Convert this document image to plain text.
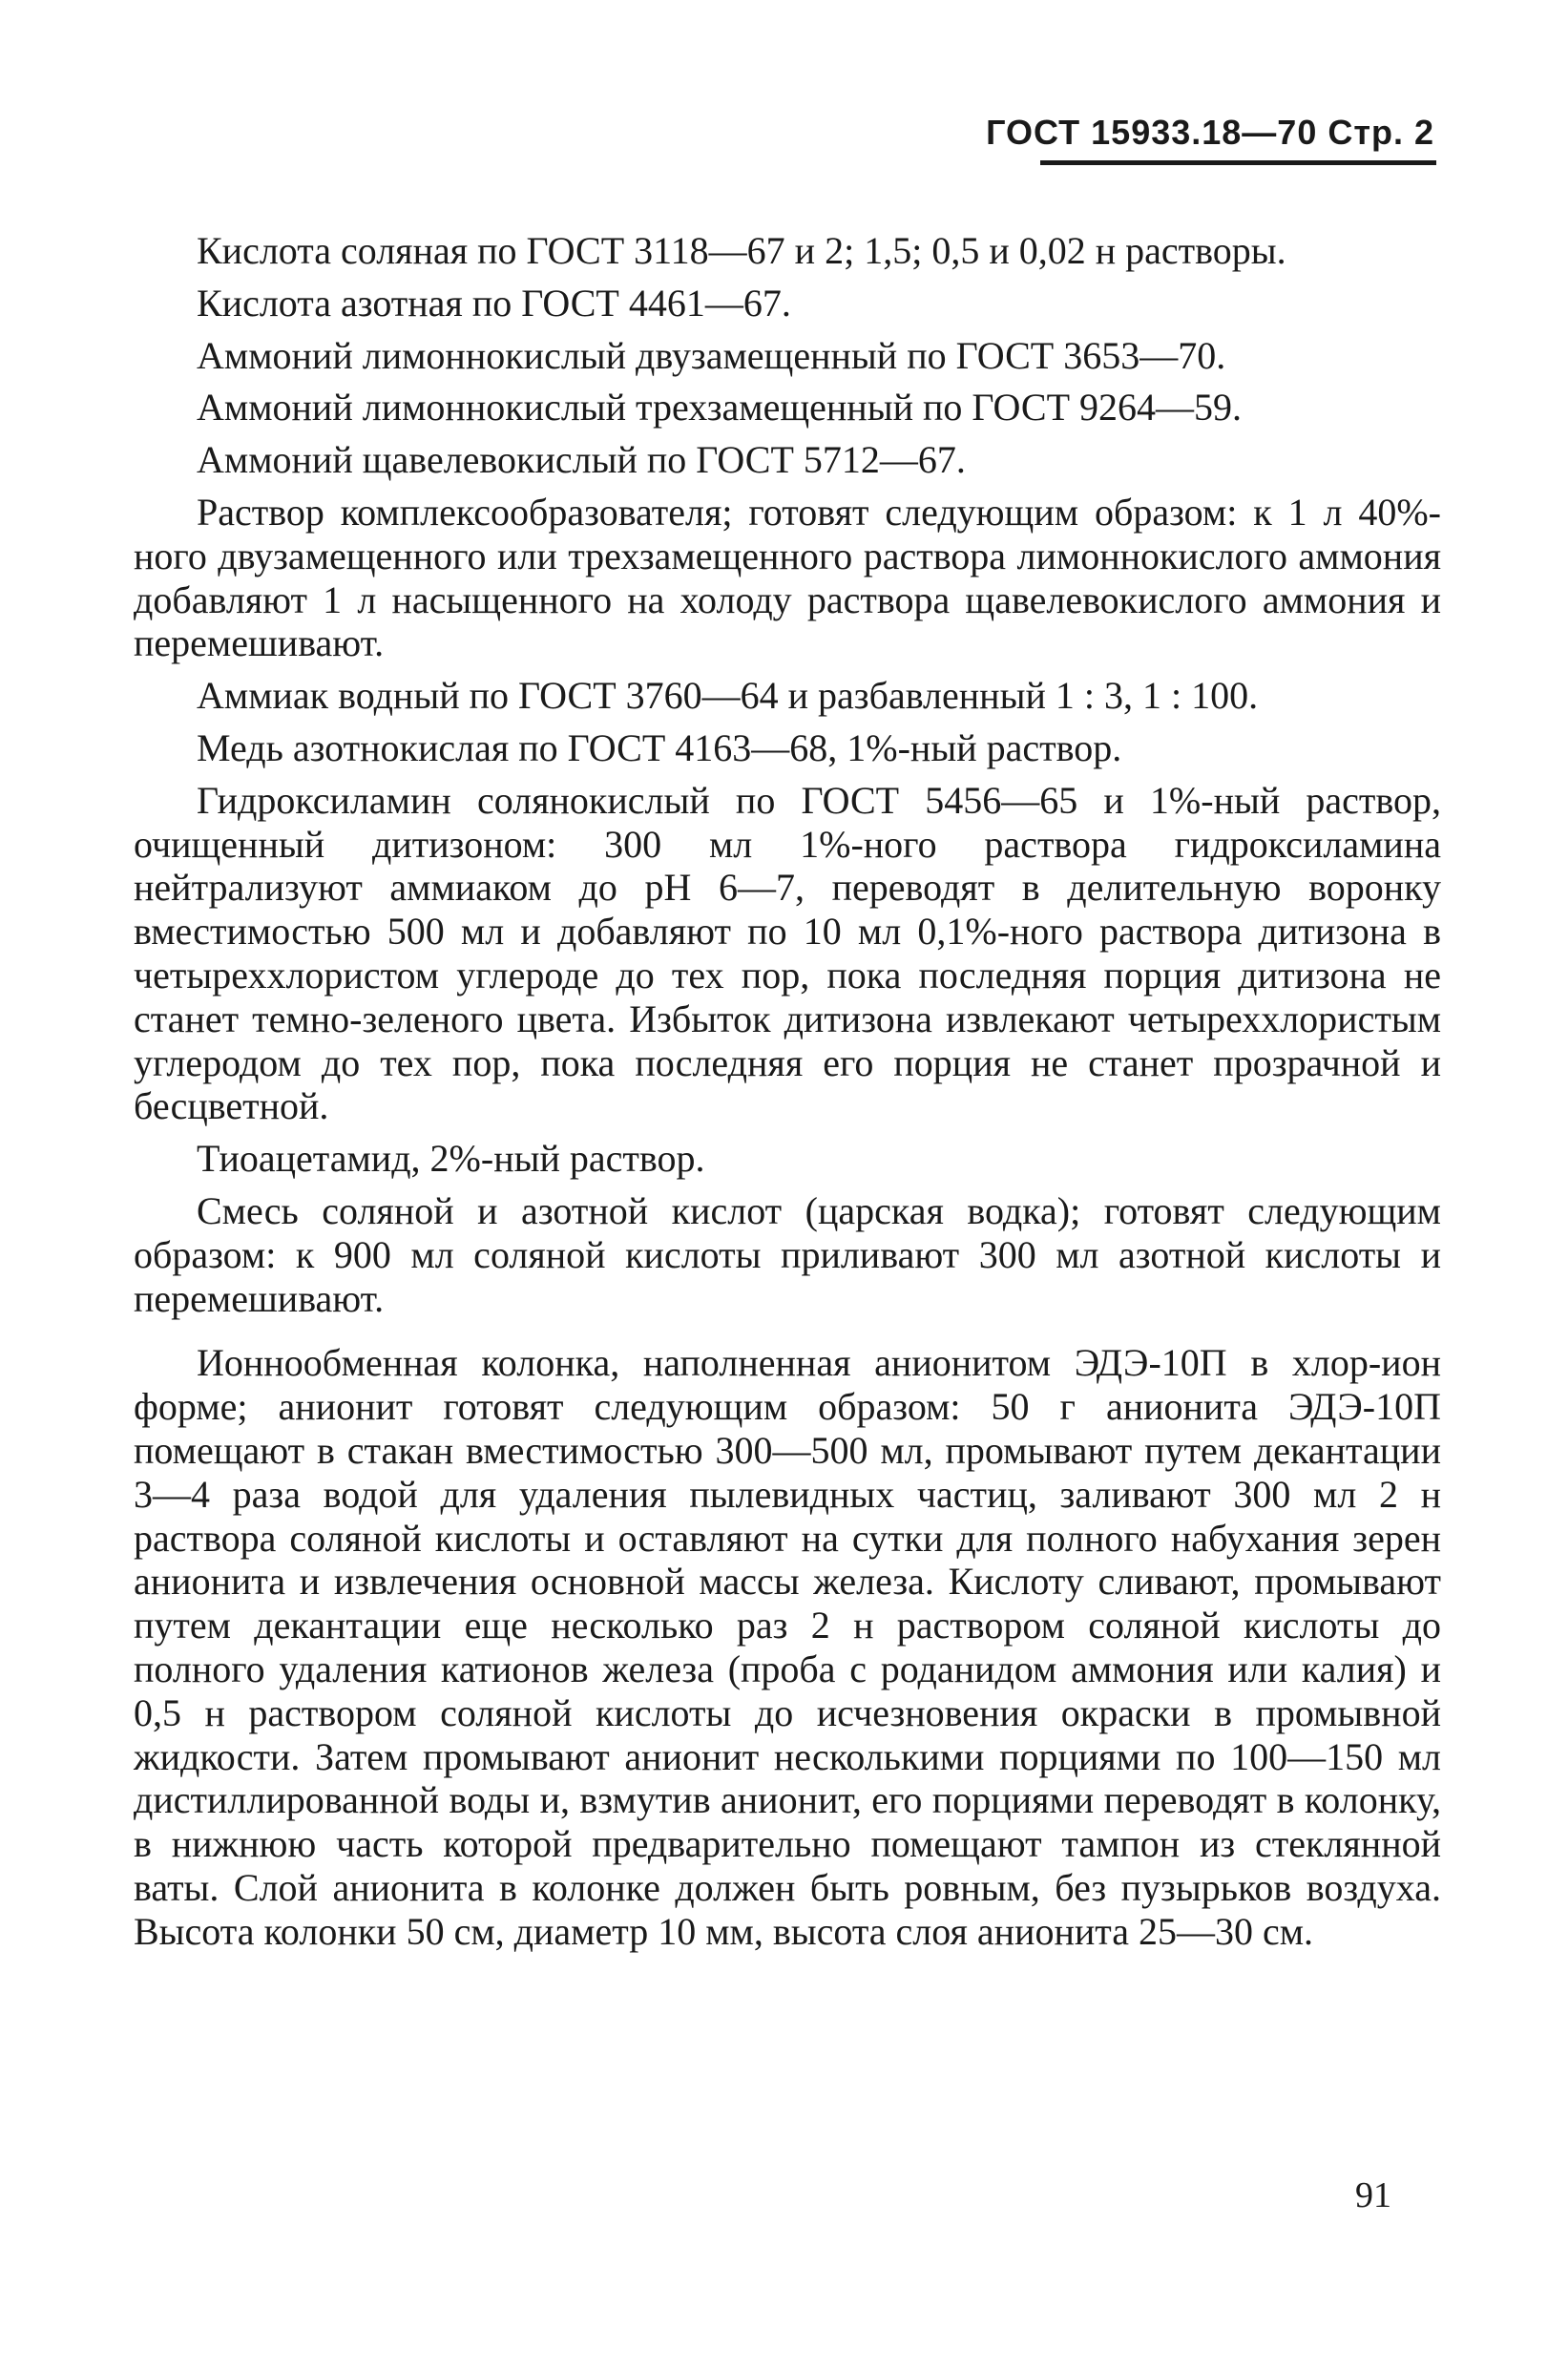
ГОСТ 15933.18—70 Стр. 2

Кислота соляная по ГОСТ 3118—67 и 2; 1,5; 0,5 и 0,02 н растворы.

Кислота азотная по ГОСТ 4461—67.

Аммоний лимоннокислый двузамещенный по ГОСТ 3653—70.

Аммоний лимоннокислый трехзамещенный по ГОСТ 9264—59.

Аммоний щавелевокислый по ГОСТ 5712—67.

Раствор комплексообразователя; готовят следующим образом: к 1 л 40%-ного двузамещенного или трехзамещенного раствора лимоннокислого аммония добавляют 1 л насыщенного на холоду раствора щавелевокислого аммония и перемешивают.

Аммиак водный по ГОСТ 3760—64 и разбавленный 1 : 3, 1 : 100.

Медь азотнокислая по ГОСТ 4163—68, 1%-ный раствор.

Гидроксиламин солянокислый по ГОСТ 5456—65 и 1%-ный раствор, очищенный дитизоном: 300 мл 1%-ного раствора гидроксиламина нейтрализуют аммиаком до pH 6—7, переводят в делительную воронку вместимостью 500 мл и добавляют по 10 мл 0,1%-ного раствора дитизона в четыреххлористом углероде до тех пор, пока последняя порция дитизона не станет темно-зеленого цвета. Избыток дитизона извлекают четыреххлористым углеродом до тех пор, пока последняя его порция не станет прозрачной и бесцветной.

Тиоацетамид, 2%-ный раствор.

Смесь соляной и азотной кислот (царская водка); готовят следующим образом: к 900 мл соляной кислоты приливают 300 мл азотной кислоты и перемешивают.

Ионнообменная колонка, наполненная анионитом ЭДЭ-10П в хлор-ион форме; анионит готовят следующим образом: 50 г анионита ЭДЭ-10П помещают в стакан вместимостью 300—500 мл, промывают путем декантации 3—4 раза водой для удаления пылевидных частиц, заливают 300 мл 2 н раствора соляной кислоты и оставляют на сутки для полного набухания зерен анионита и извлечения основной массы железа. Кислоту сливают, промывают путем декантации еще несколько раз 2 н раствором соляной кислоты до полного удаления катионов железа (проба с роданидом аммония или калия) и 0,5 н раствором соляной кислоты до исчезновения окраски в промывной жидкости. Затем промывают анионит несколькими порциями по 100—150 мл дистиллированной воды и, взмутив анионит, его порциями переводят в колонку, в нижнюю часть которой предварительно помещают тампон из стеклянной ваты. Слой анионита в колонке должен быть ровным, без пузырьков воздуха. Высота колонки 50 см, диаметр 10 мм, высота слоя анионита 25—30 см.

91
